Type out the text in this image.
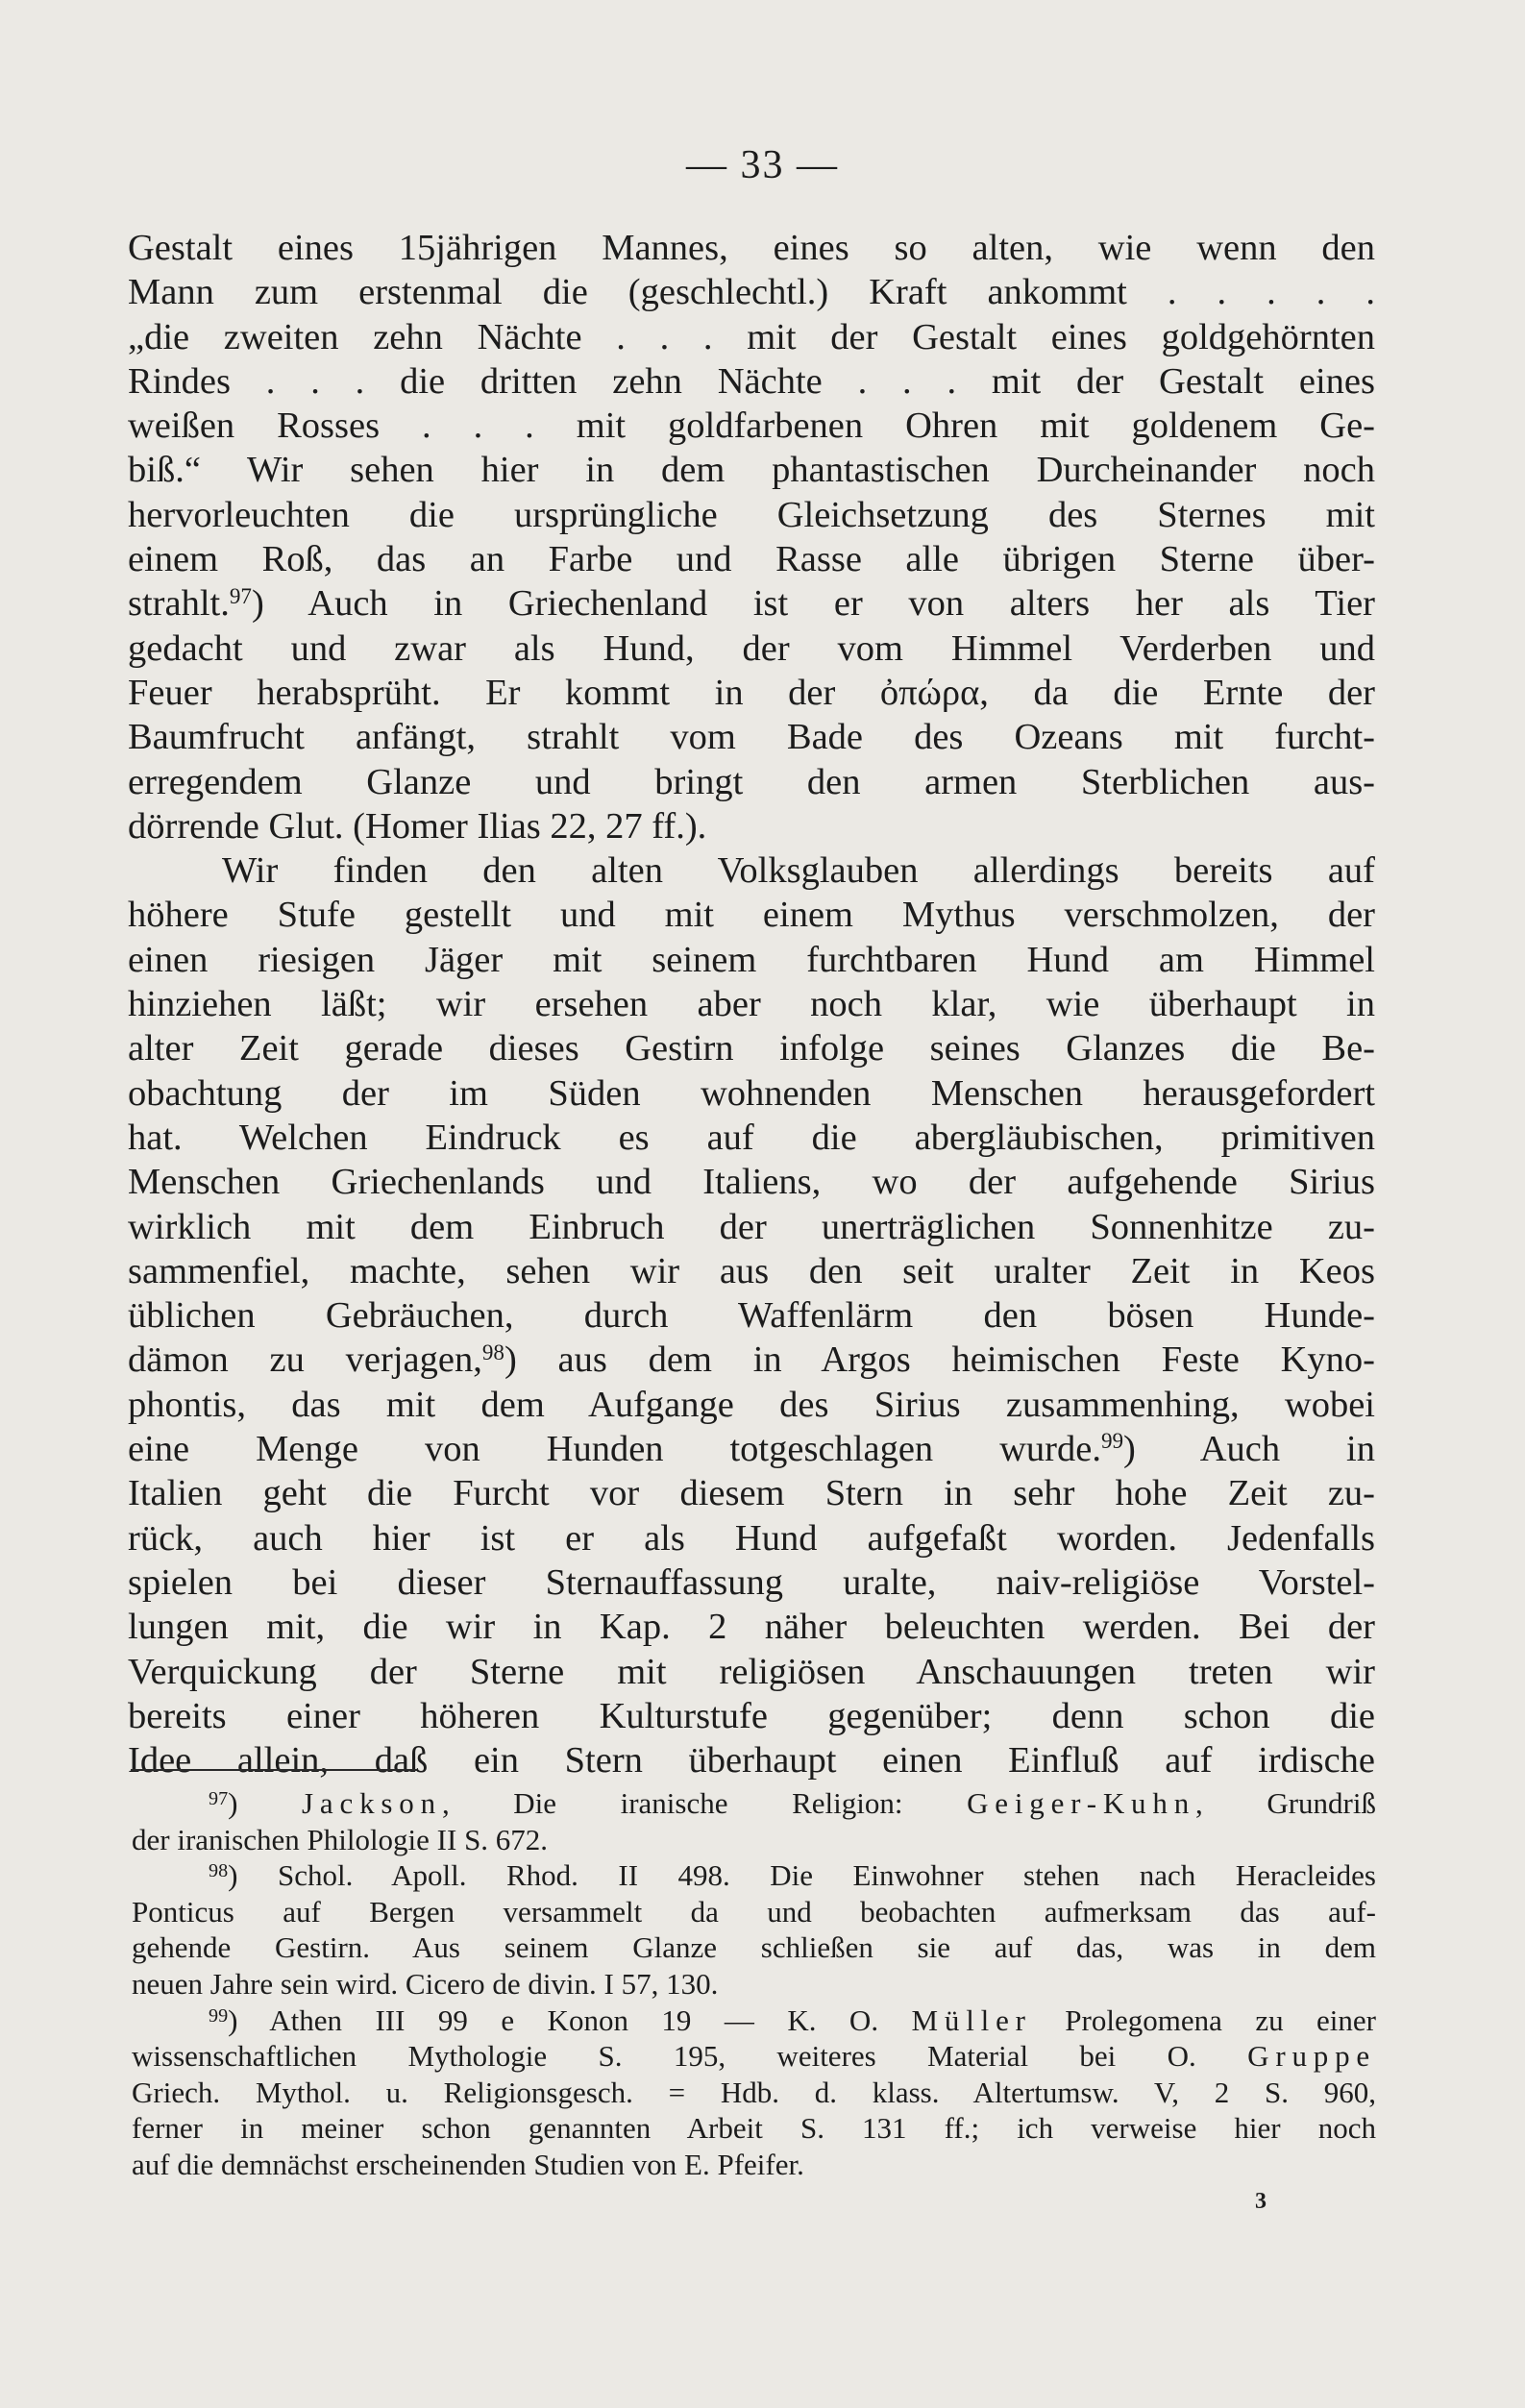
— 33 —
Gestalt eines 15jährigen Mannes, eines so alten, wie wenn den
Mann zum erstenmal die (geschlechtl.) Kraft ankommt . . . . .
„die zweiten zehn Nächte . . . mit der Gestalt eines goldgehörnten
Rindes . . . die dritten zehn Nächte . . . mit der Gestalt eines
weißen Rosses . . . mit goldfarbenen Ohren mit goldenem Ge-
biß.“ Wir sehen hier in dem phantastischen Durcheinander noch
hervorleuchten die ursprüngliche Gleichsetzung des Sternes mit
einem Roß, das an Farbe und Rasse alle übrigen Sterne über-
strahlt.$^{97}$) Auch in Griechenland ist er von alters her als Tier
gedacht und zwar als Hund, der vom Himmel Verderben und
Feuer herabsprüht. Er kommt in der ὀπώρα, da die Ernte der
Baumfrucht anfängt, strahlt vom Bade des Ozeans mit furcht-
erregendem Glanze und bringt den armen Sterblichen aus-
dörrende Glut. (Homer Ilias 22, 27 ff.).
Wir finden den alten Volksglauben allerdings bereits auf
höhere Stufe gestellt und mit einem Mythus verschmolzen, der
einen riesigen Jäger mit seinem furchtbaren Hund am Himmel
hinziehen läßt; wir ersehen aber noch klar, wie überhaupt in
alter Zeit gerade dieses Gestirn infolge seines Glanzes die Be-
obachtung der im Süden wohnenden Menschen herausgefordert
hat. Welchen Eindruck es auf die abergläubischen, primitiven
Menschen Griechenlands und Italiens, wo der aufgehende Sirius
wirklich mit dem Einbruch der unerträglichen Sonnenhitze zu-
sammenfiel, machte, sehen wir aus den seit uralter Zeit in Keos
üblichen Gebräuchen, durch Waffenlärm den bösen Hunde-
dämon zu verjagen,$^{98}$) aus dem in Argos heimischen Feste Kyno-
phontis, das mit dem Aufgange des Sirius zusammenhing, wobei
eine Menge von Hunden totgeschlagen wurde.$^{99}$) Auch in
Italien geht die Furcht vor diesem Stern in sehr hohe Zeit zu-
rück, auch hier ist er als Hund aufgefaßt worden. Jedenfalls
spielen bei dieser Sternauffassung uralte, naiv-religiöse Vorstel-
lungen mit, die wir in Kap. 2 näher beleuchten werden. Bei der
Verquickung der Sterne mit religiösen Anschauungen treten wir
bereits einer höheren Kulturstufe gegenüber; denn schon die
Idee allein, daß ein Stern überhaupt einen Einfluß auf irdische
$^{97}$) Jackson, Die iranische Religion: Geiger-Kuhn, Grundriß
der iranischen Philologie II S. 672.
$^{98}$) Schol. Apoll. Rhod. II 498. Die Einwohner stehen nach Heracleides
Ponticus auf Bergen versammelt da und beobachten aufmerksam das auf-
gehende Gestirn. Aus seinem Glanze schließen sie auf das, was in dem
neuen Jahre sein wird. Cicero de divin. I 57, 130.
$^{99}$) Athen III 99 e Konon 19 — K. O. Müller Prolegomena zu einer
wissenschaftlichen Mythologie S. 195, weiteres Material bei O. Gruppe
Griech. Mythol. u. Religionsgesch. = Hdb. d. klass. Altertumsw. V, 2 S. 960,
ferner in meiner schon genannten Arbeit S. 131 ff.; ich verweise hier noch
auf die demnächst erscheinenden Studien von E. Pfeifer.
3
